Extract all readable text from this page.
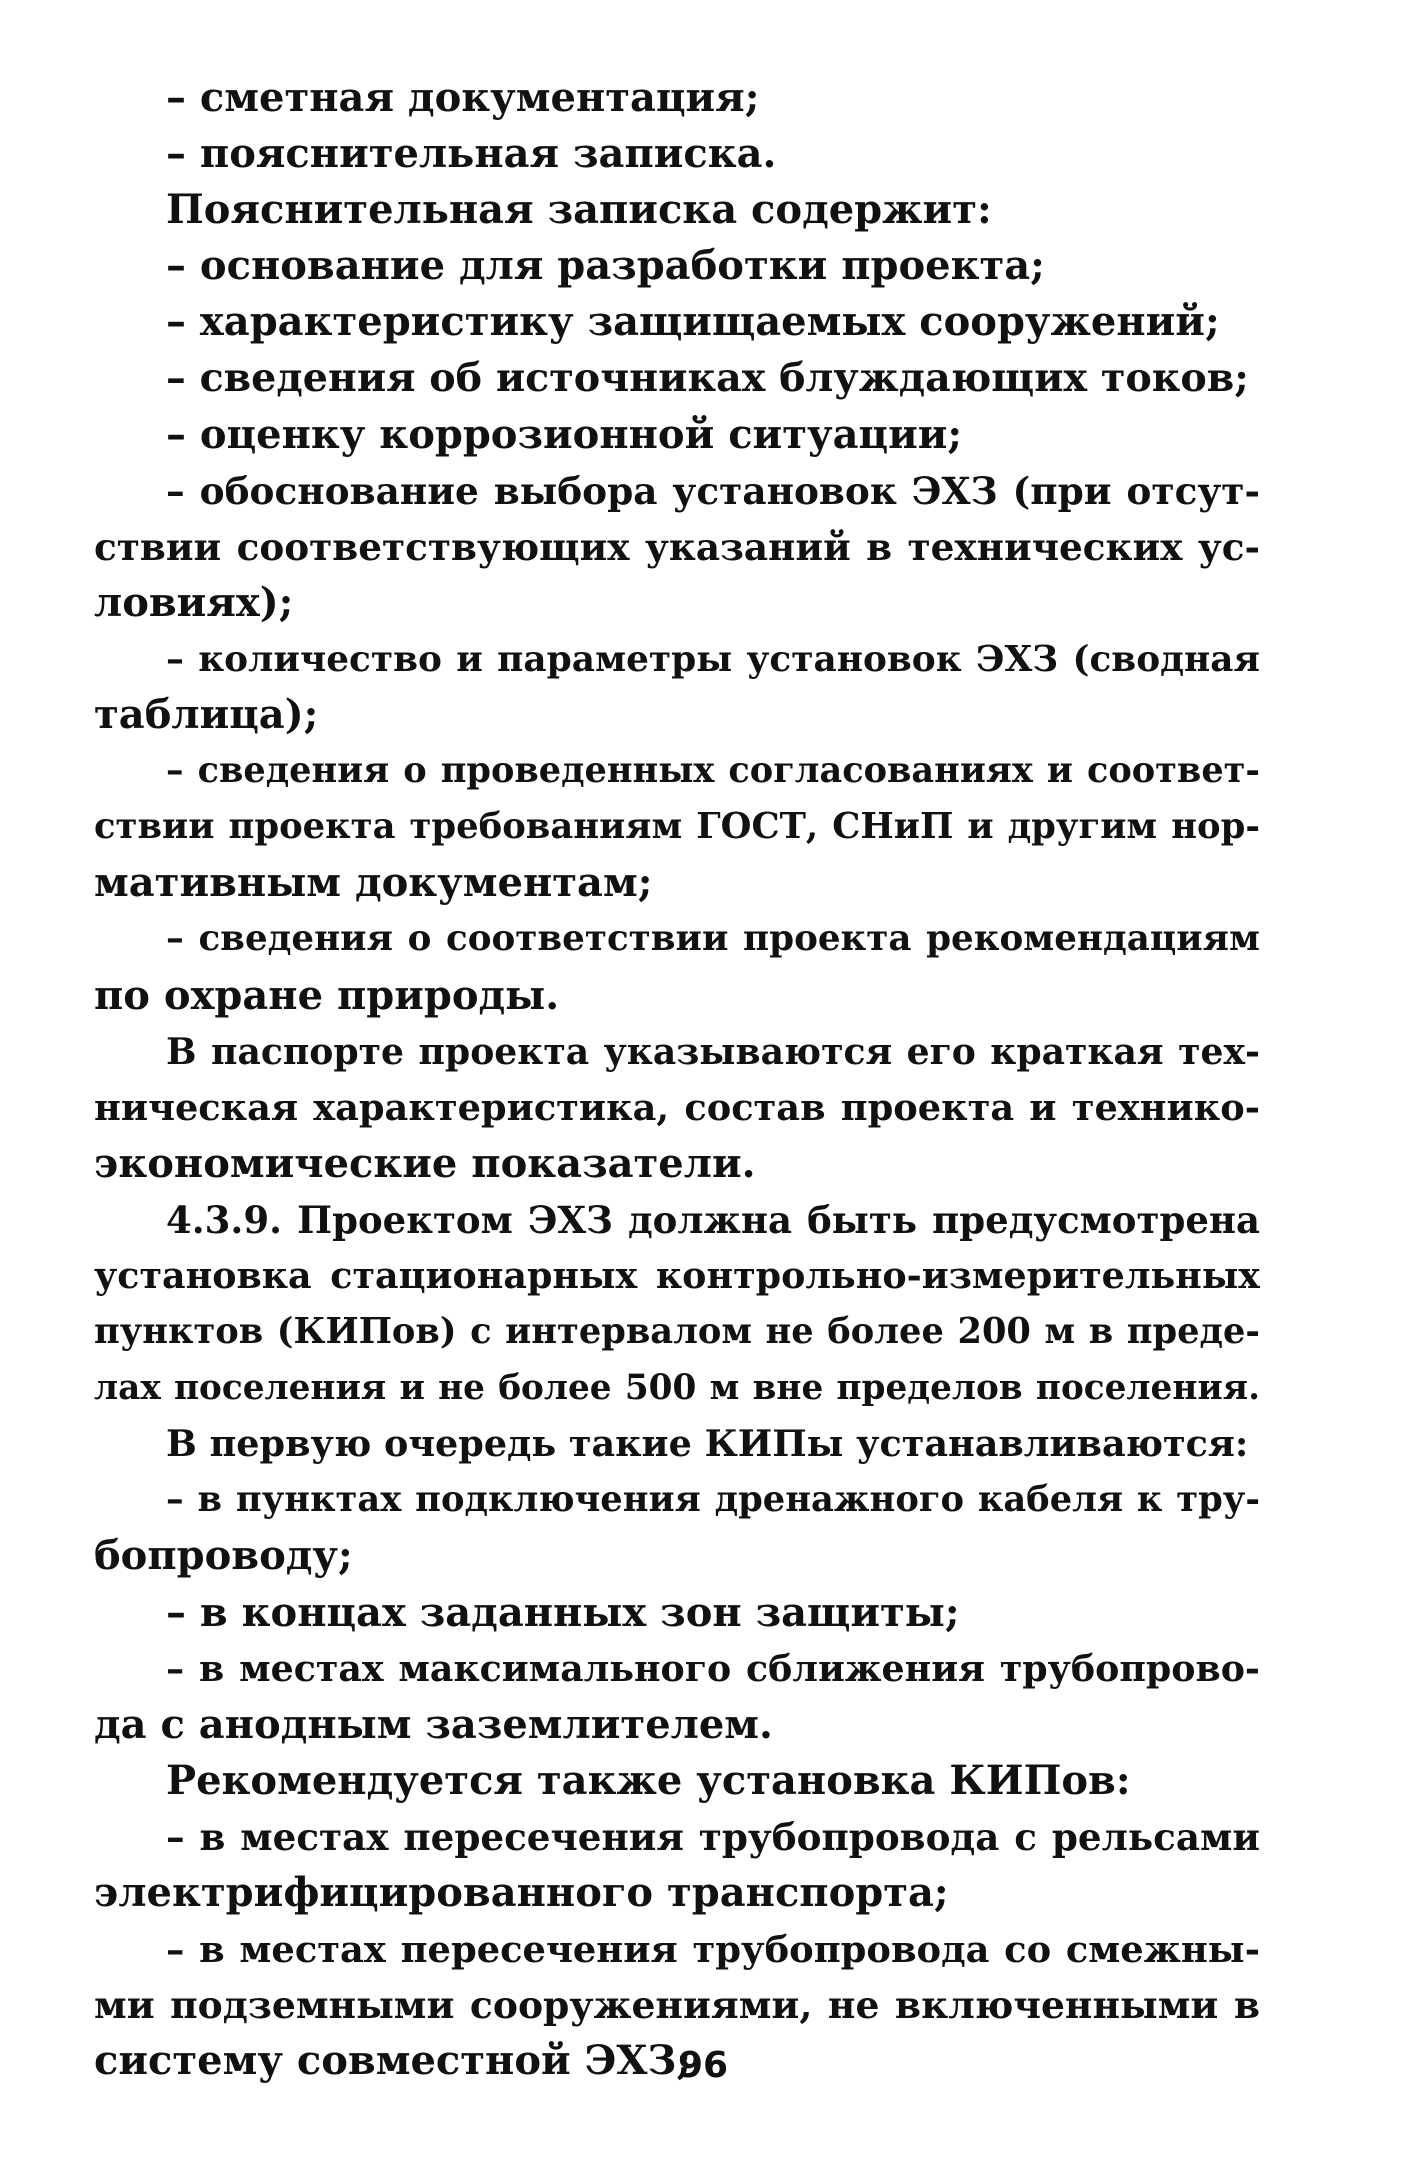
– сметная документация;
– пояснительная записка.
Пояснительная записка содержит:
– основание для разработки проекта;
– характеристику защищаемых сооружений;
– сведения об источниках блуждающих токов;
– оценку коррозионной ситуации;
– обоснование выбора установок ЭХЗ (при отсут-
ствии соответствующих указаний в технических ус-
ловиях);
– количество и параметры установок ЭХЗ (сводная
таблица);
– сведения о проведенных согласованиях и соответ-
ствии проекта требованиям ГОСТ, СНиП и другим нор-
мативным документам;
– сведения о соответствии проекта рекомендациям
по охране природы.
В паспорте проекта указываются его краткая тех-
ническая характеристика, состав проекта и технико-
экономические показатели.
4.3.9. Проектом ЭХЗ должна быть предусмотрена
установка стационарных контрольно-измерительных
пунктов (КИПов) с интервалом не более 200 м в преде-
лах поселения и не более 500 м вне пределов поселения.
В первую очередь такие КИПы устанавливаются:
– в пунктах подключения дренажного кабеля к тру-
бопроводу;
– в концах заданных зон защиты;
– в местах максимального сближения трубопрово-
да с анодным заземлителем.
Рекомендуется также установка КИПов:
– в местах пересечения трубопровода с рельсами
электрифицированного транспорта;
– в местах пересечения трубопровода со смежны-
ми подземными сооружениями, не включенными в
систему совместной ЭХЗ;
96
